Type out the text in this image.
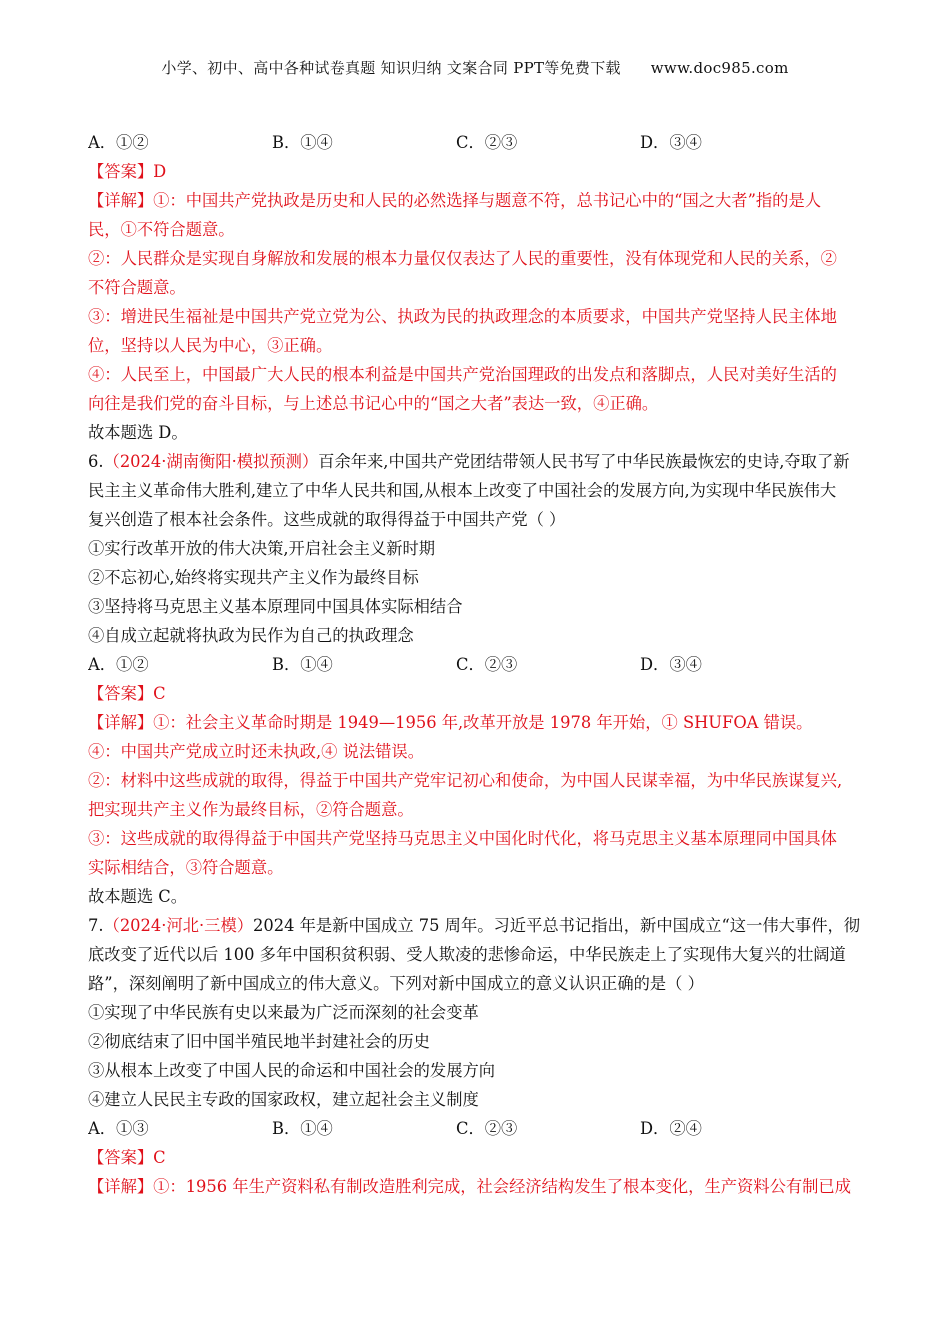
小学、初中、高中各种试卷真题 知识归纳 文案合同 PPT等免费下载 www.doc985.com
A．①②	B．①④	C．②③	D．③④
【答案】D
【详解】①：中国共产党执政是历史和人民的必然选择与题意不符，总书记心中的“国之大者”指的是人
民，①不符合题意。
②：人民群众是实现自身解放和发展的根本力量仅仅表达了人民的重要性，没有体现党和人民的关系，②
不符合题意。
③：增进民生福祉是中国共产党立党为公、执政为民的执政理念的本质要求，中国共产党坚持人民主体地
位，坚持以人民为中心，③正确。
④：人民至上，中国最广大人民的根本利益是中国共产党治国理政的出发点和落脚点，人民对美好生活的
向往是我们党的奋斗目标，与上述总书记心中的“国之大者”表达一致，④正确。
故本题选 D。
6.（2024·湖南衡阳·模拟预测）百余年来,中国共产党团结带领人民书写了中华民族最恢宏的史诗,夺取了新
民主主义革命伟大胜利,建立了中华人民共和国,从根本上改变了中国社会的发展方向,为实现中华民族伟大
复兴创造了根本社会条件。这些成就的取得得益于中国共产党（ ）
①实行改革开放的伟大决策,开启社会主义新时期
②不忘初心,始终将实现共产主义作为最终目标
③坚持将马克思主义基本原理同中国具体实际相结合
④自成立起就将执政为民作为自己的执政理念
A．①②	B．①④	C．②③	D．③④
【答案】C
【详解】①：社会主义革命时期是 1949—1956 年,改革开放是 1978 年开始，① SHUFOA 错误。
④：中国共产党成立时还未执政,④ 说法错误。
②：材料中这些成就的取得，得益于中国共产党牢记初心和使命，为中国人民谋幸福，为中华民族谋复兴,
把实现共产主义作为最终目标，②符合题意。
③：这些成就的取得得益于中国共产党坚持马克思主义中国化时代化，将马克思主义基本原理同中国具体
实际相结合，③符合题意。
故本题选 C。
7.（2024·河北·三模）2024 年是新中国成立 75 周年。习近平总书记指出，新中国成立“这一伟大事件，彻
底改变了近代以后 100 多年中国积贫积弱、受人欺凌的悲惨命运，中华民族走上了实现伟大复兴的壮阔道
路”，深刻阐明了新中国成立的伟大意义。下列对新中国成立的意义认识正确的是（ ）
①实现了中华民族有史以来最为广泛而深刻的社会变革
②彻底结束了旧中国半殖民地半封建社会的历史
③从根本上改变了中国人民的命运和中国社会的发展方向
④建立人民民主专政的国家政权，建立起社会主义制度
A．①③	B．①④	C．②③	D．②④
【答案】C
【详解】①：1956 年生产资料私有制改造胜利完成，社会经济结构发生了根本变化，生产资料公有制已成
